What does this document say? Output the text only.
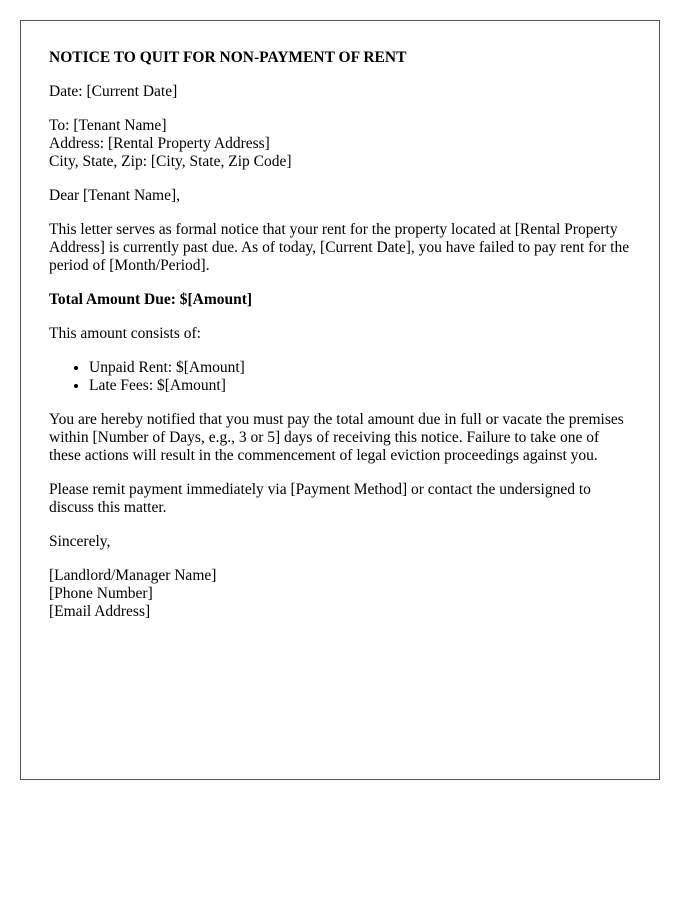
NOTICE TO QUIT FOR NON-PAYMENT OF RENT

Date: [Current Date]

To: [Tenant Name]
Address: [Rental Property Address]
City, State, Zip: [City, State, Zip Code]

Dear [Tenant Name],

This letter serves as formal notice that your rent for the property located at [Rental Property Address] is currently past due. As of today, [Current Date], you have failed to pay rent for the period of [Month/Period].

Total Amount Due: $[Amount]

This amount consists of:

• Unpaid Rent: $[Amount]
• Late Fees: $[Amount]

You are hereby notified that you must pay the total amount due in full or vacate the premises within [Number of Days, e.g., 3 or 5] days of receiving this notice. Failure to take one of these actions will result in the commencement of legal eviction proceedings against you.

Please remit payment immediately via [Payment Method] or contact the undersigned to discuss this matter.

Sincerely,

[Landlord/Manager Name]
[Phone Number]
[Email Address]
